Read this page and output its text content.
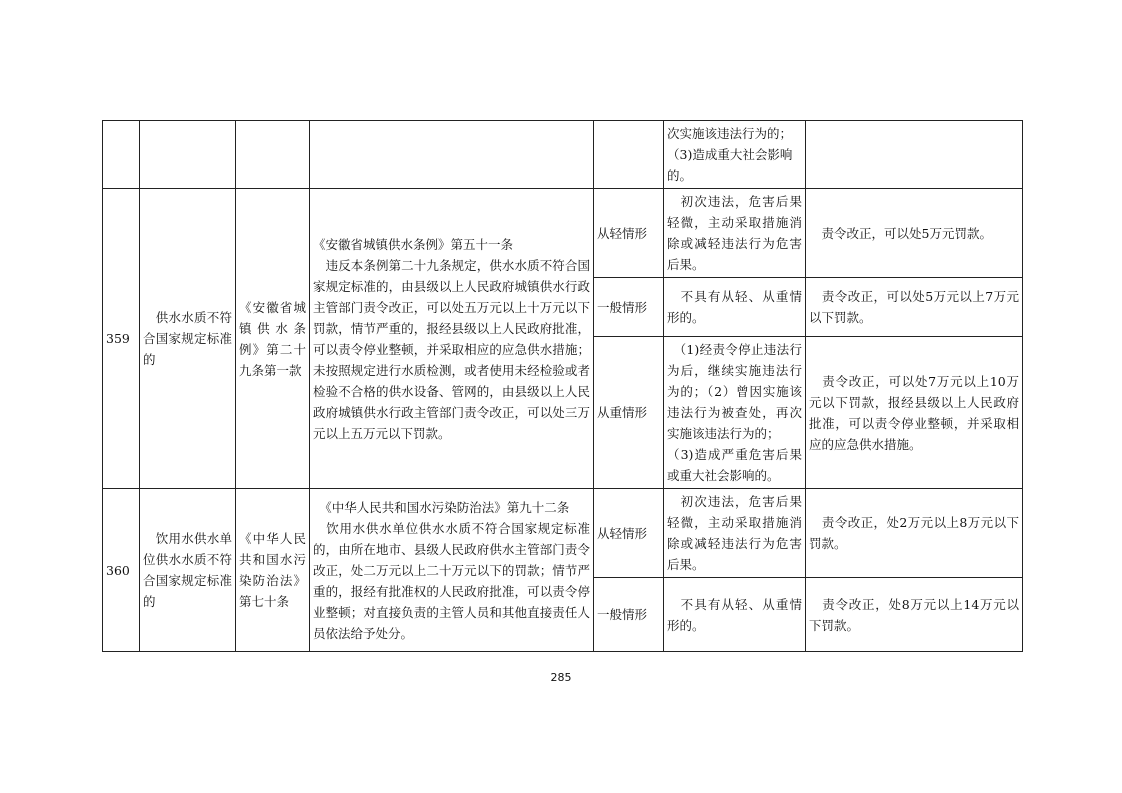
					次实施该违法行为的；
（3)造成重大社会影响
的。	

359	　供水水质不符合国家规定标准的	《安徽省城镇供水条例》第二十九条第一款	《安徽省城镇供水条例》第五十一条
　违反本条例第二十九条规定，供水水质不符合国家规定标准的，由县级以上人民政府城镇供水行政主管部门责令改正，可以处五万元以上十万元以下罚款，情节严重的，报经县级以上人民政府批准，可以责令停业整顿，并采取相应的应急供水措施；未按照规定进行水质检测，或者使用未经检验或者检验不合格的供水设备、管网的，由县级以上人民政府城镇供水行政主管部门责令改正，可以处三万元以上五万元以下罚款。	从轻情形	　初次违法，危害后果轻微，主动采取措施消除或减轻违法行为危害后果。	　责令改正，可以处5万元罚款。

				一般情形	　不具有从轻、从重情形的。	　责令改正，可以处5万元以上7万元以下罚款。

				从重情形	　（1)经责令停止违法行为后，继续实施违法行为的；（2）曾因实施该违法行为被查处，再次实施该违法行为的；
（3)造成严重危害后果或重大社会影响的。	　责令改正，可以处7万元以上10万元以下罚款，报经县级以上人民政府批准，可以责令停业整顿，并采取相应的应急供水措施。

360	　饮用水供水单位供水水质不符合国家规定标准的	《中华人民共和国水污染防治法》第七十条	　《中华人民共和国水污染防治法》第九十二条
　饮用水供水单位供水水质不符合国家规定标准的，由所在地市、县级人民政府供水主管部门责令改正，处二万元以上二十万元以下的罚款；情节严重的，报经有批准权的人民政府批准，可以责令停业整顿；对直接负责的主管人员和其他直接责任人员依法给予处分。	从轻情形	　初次违法，危害后果轻微，主动采取措施消除或减轻违法行为危害后果。	　责令改正，处2万元以上8万元以下罚款。

				一般情形	　不具有从轻、从重情形的。	　责令改正，处8万元以上14万元以下罚款。
285
